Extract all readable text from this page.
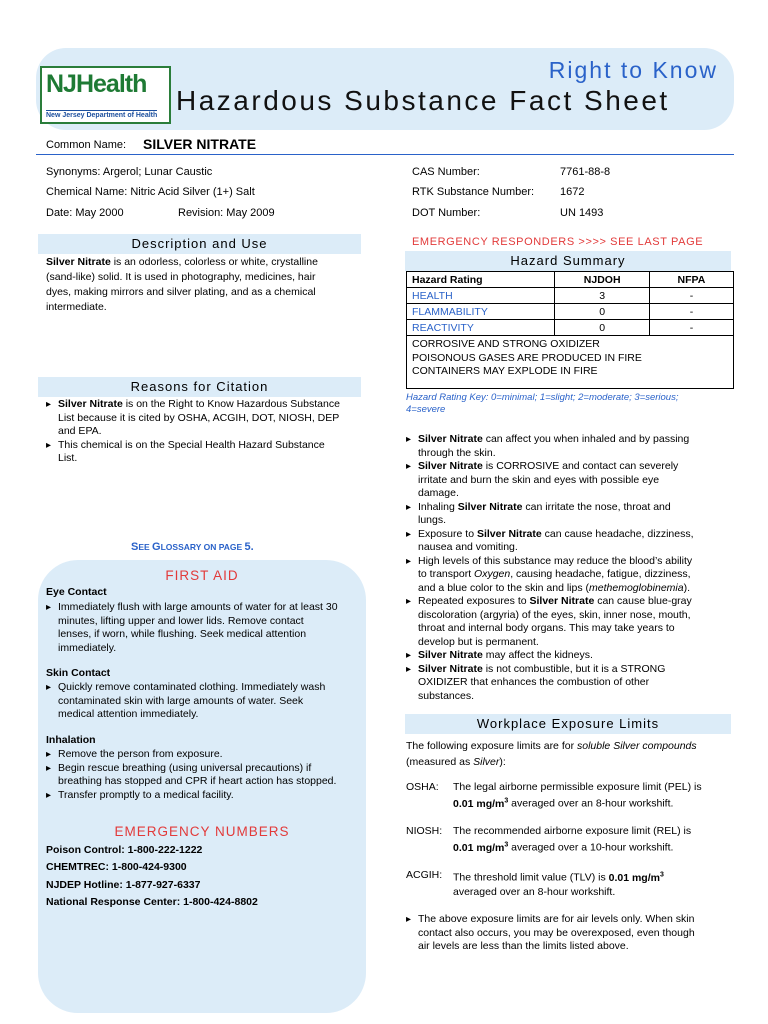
NJHealth
New Jersey Department of Health
Right to Know
Hazardous Substance Fact Sheet
Common Name: SILVER NITRATE
Synonyms: Argerol; Lunar Caustic
Chemical Name: Nitric Acid Silver (1+) Salt
Date: May 2000	Revision: May 2009
CAS Number:	7761-88-8
RTK Substance Number: 1672
DOT Number:	UN 1493
Description and Use
Silver Nitrate is an odorless, colorless or white, crystalline
(sand-like) solid. It is used in photography, medicines, hair
dyes, making mirrors and silver plating, and as a chemical
intermediate.
Reasons for Citation
▸ Silver Nitrate is on the Right to Know Hazardous Substance
List because it is cited by OSHA, ACGIH, DOT, NIOSH, DEP
and EPA.
▸ This chemical is on the Special Health Hazard Substance
List.
SEE GLOSSARY ON PAGE 5.
FIRST AID
Eye Contact
▸ Immediately flush with large amounts of water for at least 30
minutes, lifting upper and lower lids. Remove contact
lenses, if worn, while flushing. Seek medical attention
immediately.
Skin Contact
▸ Quickly remove contaminated clothing. Immediately wash
contaminated skin with large amounts of water. Seek
medical attention immediately.
Inhalation
▸ Remove the person from exposure.
▸ Begin rescue breathing (using universal precautions) if
breathing has stopped and CPR if heart action has stopped.
▸ Transfer promptly to a medical facility.
EMERGENCY NUMBERS
Poison Control: 1-800-222-1222
CHEMTREC: 1-800-424-9300
NJDEP Hotline: 1-877-927-6337
National Response Center: 1-800-424-8802
EMERGENCY RESPONDERS >>>> SEE LAST PAGE
Hazard Summary
Hazard Rating	NJDOH	NFPA
HEALTH	3	-
FLAMMABILITY	0	-
REACTIVITY	0	-

CORROSIVE AND STRONG OXIDIZER
POISONOUS GASES ARE PRODUCED IN FIRE
CONTAINERS MAY EXPLODE IN FIRE		
Hazard Rating Key: 0=minimal; 1=slight; 2=moderate; 3=serious;
4=severe
▸ Silver Nitrate can affect you when inhaled and by passing
through the skin.
▸ Silver Nitrate is CORROSIVE and contact can severely
irritate and burn the skin and eyes with possible eye
damage.
▸ Inhaling Silver Nitrate can irritate the nose, throat and
lungs.
▸ Exposure to Silver Nitrate can cause headache, dizziness,
nausea and vomiting.
▸ High levels of this substance may reduce the blood’s ability
to transport Oxygen, causing headache, fatigue, dizziness,
and a blue color to the skin and lips (methemoglobinemia).
▸ Repeated exposures to Silver Nitrate can cause blue-gray
discoloration (argyria) of the eyes, skin, inner nose, mouth,
throat and internal body organs. This may take years to
develop but is permanent.
▸ Silver Nitrate may affect the kidneys.
▸ Silver Nitrate is not combustible, but it is a STRONG
OXIDIZER that enhances the combustion of other
substances.
Workplace Exposure Limits
The following exposure limits are for soluble Silver compounds
(measured as Silver):
OSHA: The legal airborne permissible exposure limit (PEL) is
0.01 $mg/m^3$ averaged over an 8-hour workshift.
NIOSH: The recommended airborne exposure limit (REL) is
0.01 $mg/m^3$ averaged over a 10-hour workshift.
ACGIH: The threshold limit value (TLV) is 0.01 $mg/m^3$
averaged over an 8-hour workshift.
▸ The above exposure limits are for air levels only. When skin
contact also occurs, you may be overexposed, even though
air levels are less than the limits listed above.
